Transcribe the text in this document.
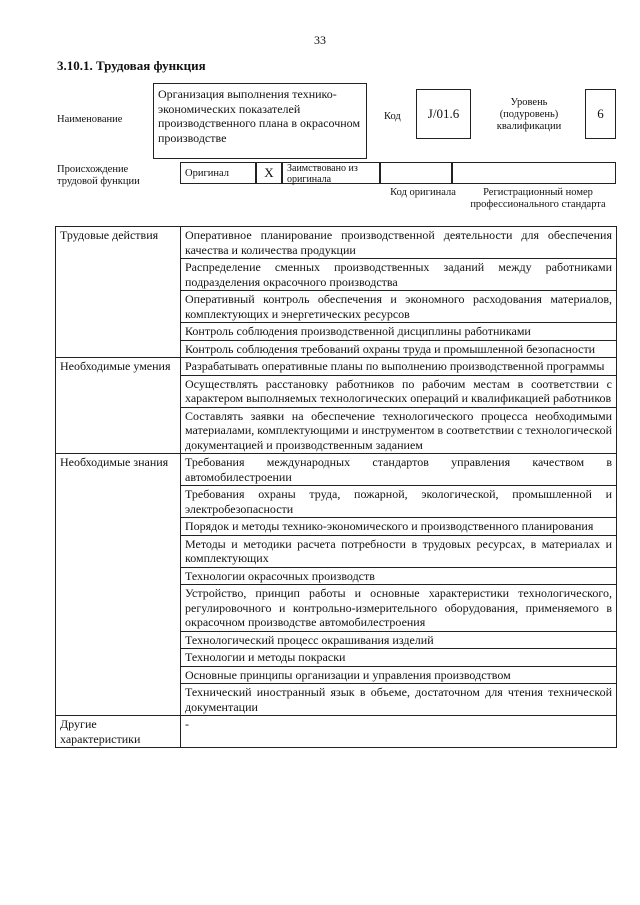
33
3.10.1. Трудовая функция
Наименование
Организация выполнения технико-экономических показателей производственного плана в окрасочном производстве
Код	J/01.6
Уровень (подуровень) квалификации
6
Происхождение трудовой функции
Оригинал	X	Заимствовано из оригинала
Код оригинала	Регистрационный номер профессионального стандарта
Трудовые действия	Оперативное планирование производственной деятельности для обеспечения качества и количества продукции
	Распределение сменных производственных заданий между работниками подразделения окрасочного производства
	Оперативный контроль обеспечения и экономного расходования материалов, комплектующих и энергетических ресурсов
	Контроль соблюдения производственной дисциплины работниками
	Контроль соблюдения требований охраны труда и промышленной безопасности
Необходимые умения	Разрабатывать оперативные планы по выполнению производственной программы
	Осуществлять расстановку работников по рабочим местам в соответствии с характером выполняемых технологических операций и квалификацией работников
	Составлять заявки на обеспечение технологического процесса необходимыми материалами, комплектующими и инструментом в соответствии с технологической документацией и производственным заданием
Необходимые знания	Требования международных стандартов управления качеством в автомобилестроении
	Требования охраны труда, пожарной, экологической, промышленной и электробезопасности
	Порядок и методы технико-экономического и производственного планирования
	Методы и методики расчета потребности в трудовых ресурсах, в материалах и комплектующих
	Технологии окрасочных производств
	Устройство, принцип работы и основные характеристики технологического, регулировочного и контрольно-измерительного оборудования, применяемого в окрасочном производстве автомобилестроения
	Технологический процесс окрашивания изделий
	Технологии и методы покраски
	Основные принципы организации и управления производством
	Технический иностранный язык в объеме, достаточном для чтения технической документации
Другие характеристики	-
